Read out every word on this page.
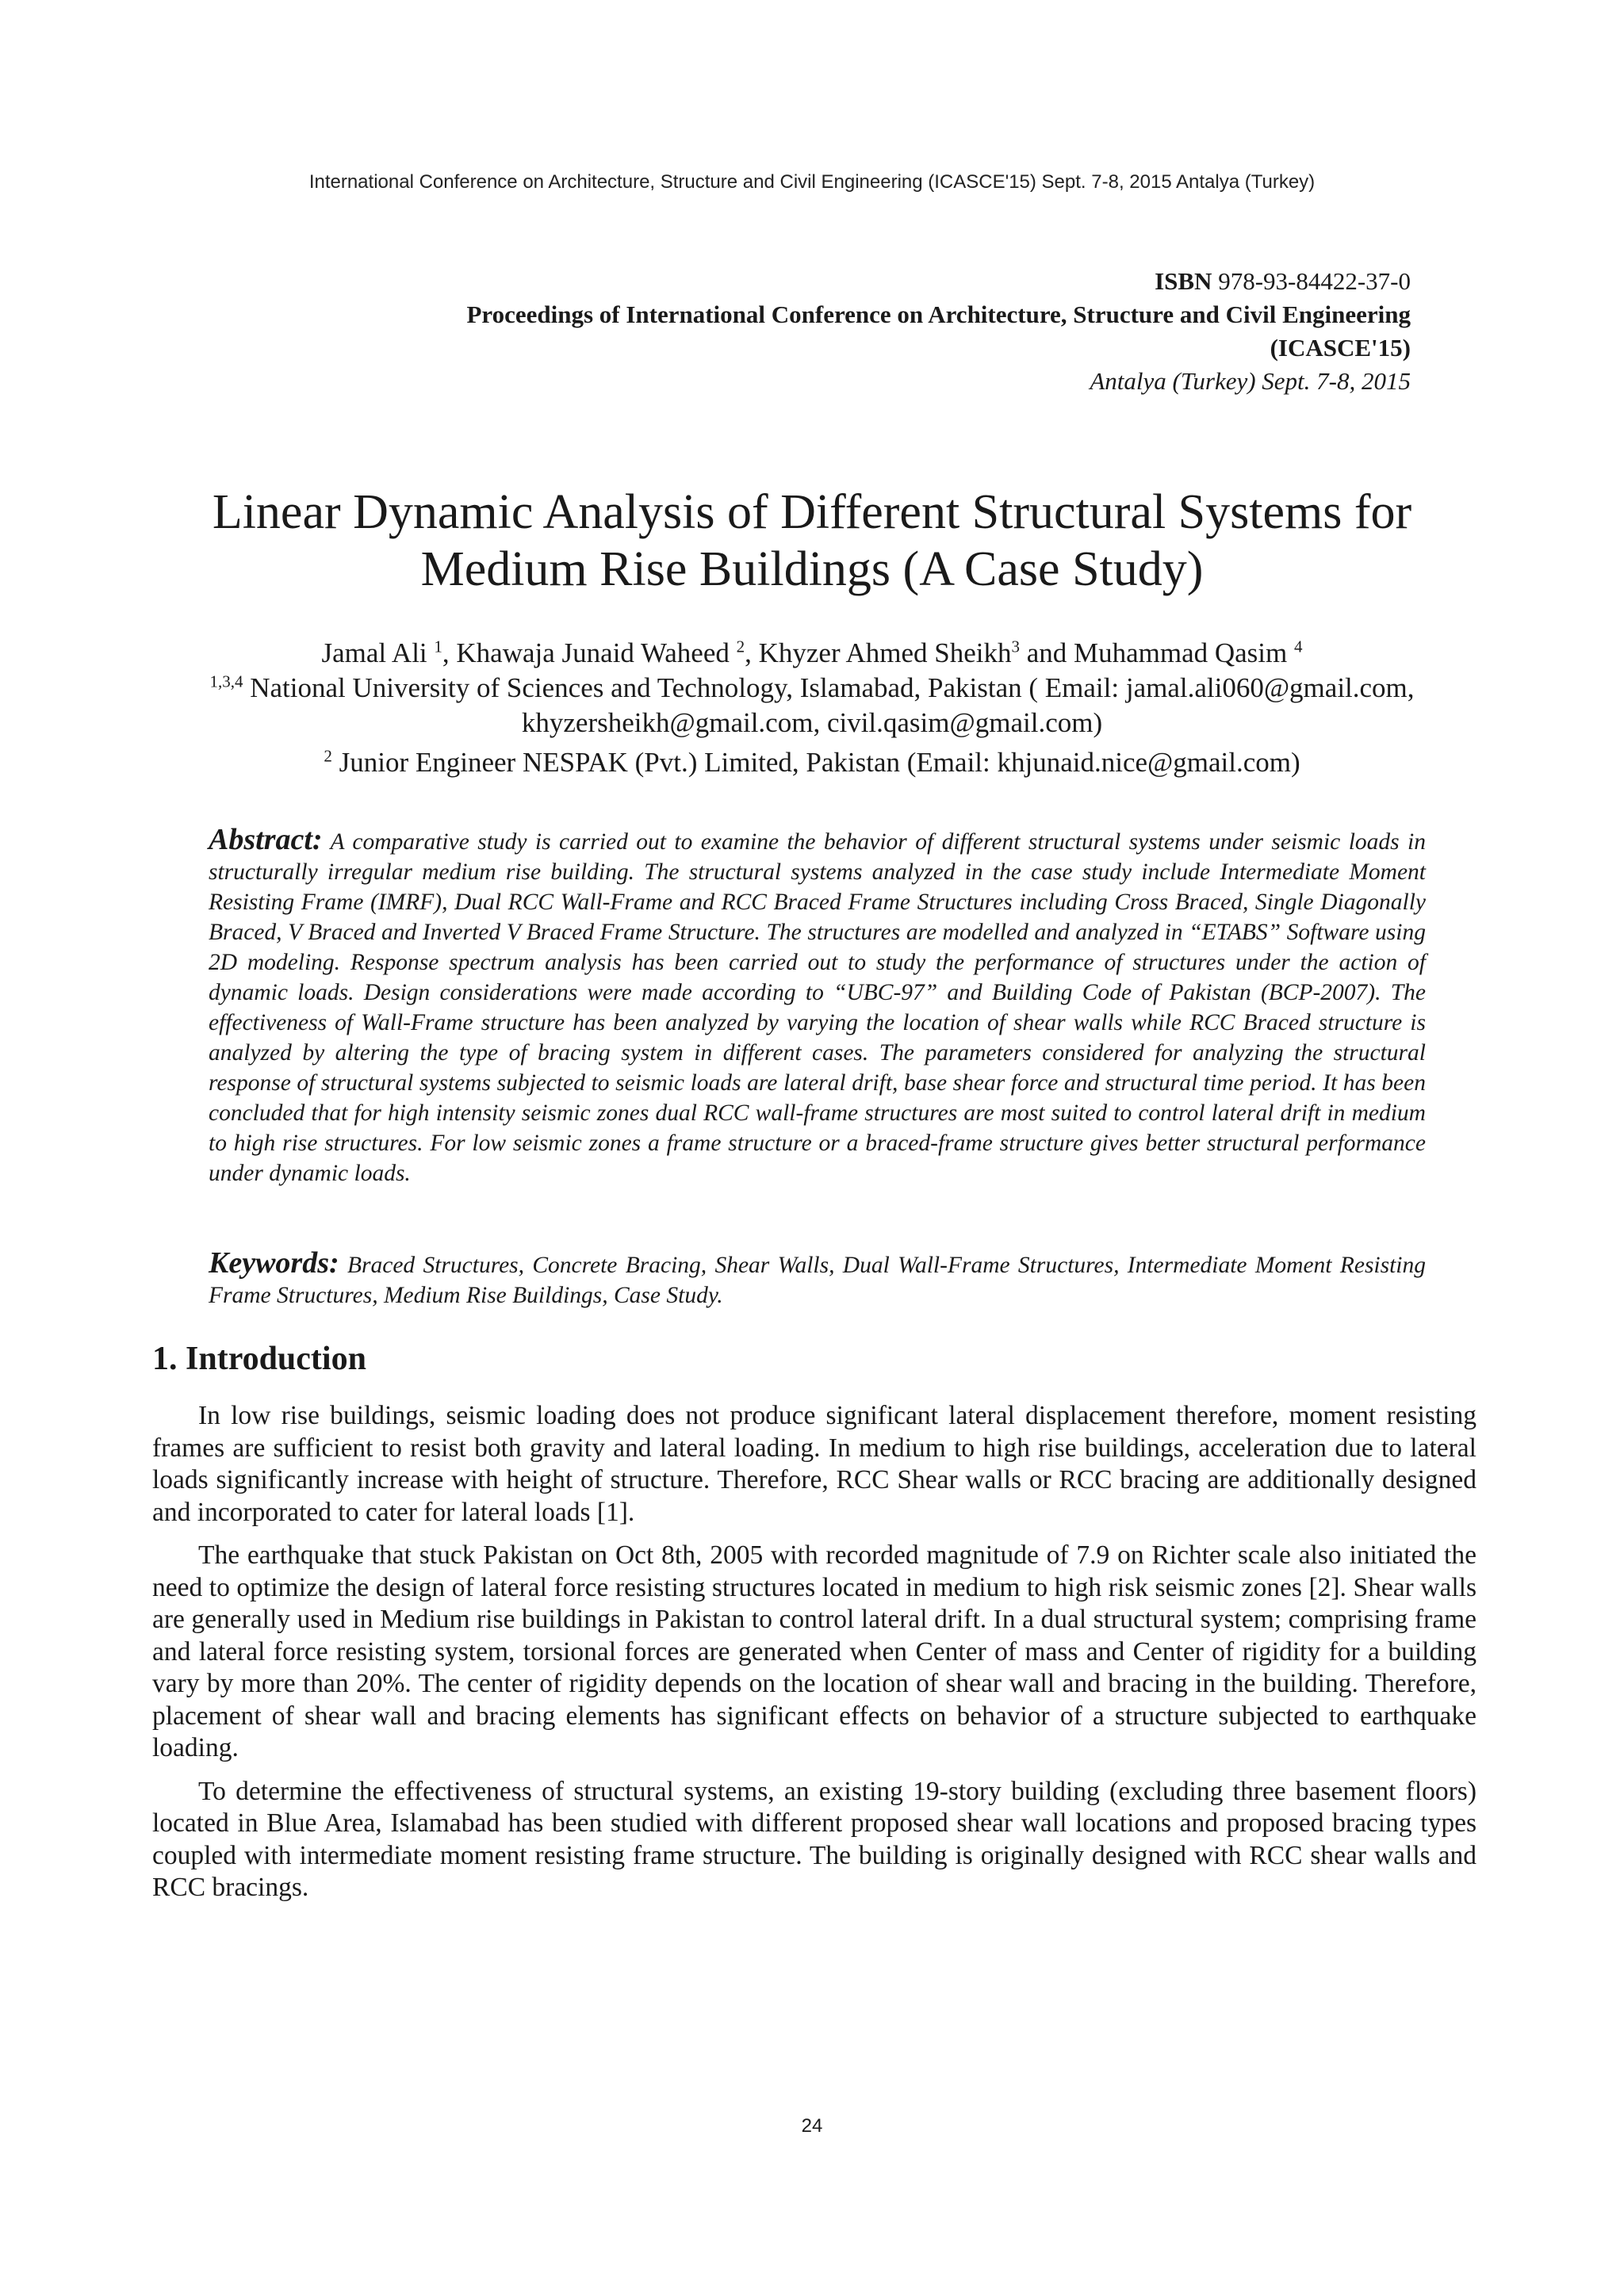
International Conference on Architecture, Structure and Civil Engineering (ICASCE'15) Sept. 7-8, 2015 Antalya (Turkey)
ISBN 978-93-84422-37-0
Proceedings of International Conference on Architecture, Structure and Civil Engineering
(ICASCE'15)
Antalya (Turkey) Sept. 7-8, 2015
Linear Dynamic Analysis of Different Structural Systems for
Medium Rise Buildings (A Case Study)
Jamal Ali $^1$, Khawaja Junaid Waheed $^2$, Khyzer Ahmed Sheikh$^3$ and Muhammad Qasim $^4$
$^{1,3,4}$ National University of Sciences and Technology, Islamabad, Pakistan ( Email: jamal.ali060@gmail.com,
khyzersheikh@gmail.com, civil.qasim@gmail.com)
$^2$ Junior Engineer NESPAK (Pvt.) Limited, Pakistan (Email: khjunaid.nice@gmail.com)
Abstract: A comparative study is carried out to examine the behavior of different structural systems under seismic loads in structurally irregular medium rise building. The structural systems analyzed in the case study include Intermediate Moment Resisting Frame (IMRF), Dual RCC Wall-Frame and RCC Braced Frame Structures including Cross Braced, Single Diagonally Braced, V Braced and Inverted V Braced Frame Structure. The structures are modelled and analyzed in “ETABS” Software using 2D modeling. Response spectrum analysis has been carried out to study the performance of structures under the action of dynamic loads. Design considerations were made according to “UBC-97” and Building Code of Pakistan (BCP-2007). The effectiveness of Wall-Frame structure has been analyzed by varying the location of shear walls while RCC Braced structure is analyzed by altering the type of bracing system in different cases. The parameters considered for analyzing the structural response of structural systems subjected to seismic loads are lateral drift, base shear force and structural time period. It has been concluded that for high intensity seismic zones dual RCC wall-frame structures are most suited to control lateral drift in medium to high rise structures. For low seismic zones a frame structure or a braced-frame structure gives better structural performance under dynamic loads.
Keywords: Braced Structures, Concrete Bracing, Shear Walls, Dual Wall-Frame Structures, Intermediate Moment Resisting Frame Structures, Medium Rise Buildings, Case Study.
1. Introduction

In low rise buildings, seismic loading does not produce significant lateral displacement therefore, moment resisting frames are sufficient to resist both gravity and lateral loading. In medium to high rise buildings, acceleration due to lateral loads significantly increase with height of structure. Therefore, RCC Shear walls or RCC bracing are additionally designed and incorporated to cater for lateral loads [1].

The earthquake that stuck Pakistan on Oct 8th, 2005 with recorded magnitude of 7.9 on Richter scale also initiated the need to optimize the design of lateral force resisting structures located in medium to high risk seismic zones [2]. Shear walls are generally used in Medium rise buildings in Pakistan to control lateral drift. In a dual structural system; comprising frame and lateral force resisting system, torsional forces are generated when Center of mass and Center of rigidity for a building vary by more than 20%. The center of rigidity depends on the location of shear wall and bracing in the building. Therefore, placement of shear wall and bracing elements has significant effects on behavior of a structure subjected to earthquake loading.

To determine the effectiveness of structural systems, an existing 19-story building (excluding three basement floors) located in Blue Area, Islamabad has been studied with different proposed shear wall locations and proposed bracing types coupled with intermediate moment resisting frame structure. The building is originally designed with RCC shear walls and RCC bracings.

24
